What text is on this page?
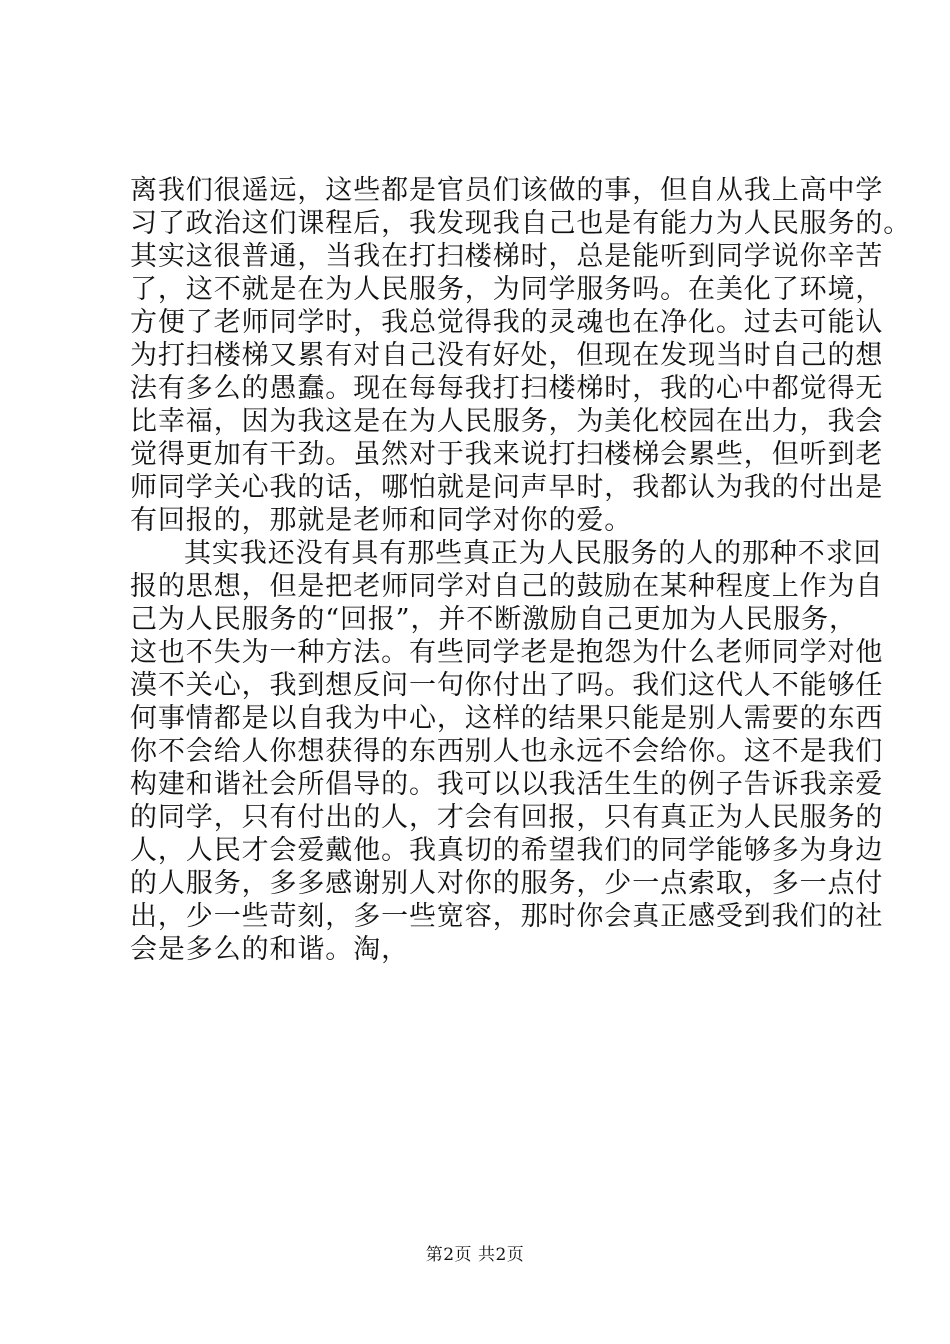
离我们很遥远，这些都是官员们该做的事，但自从我上高中学
习了政治这们课程后，我发现我自己也是有能力为人民服务的。
其实这很普通，当我在打扫楼梯时，总是能听到同学说你辛苦
了，这不就是在为人民服务，为同学服务吗。在美化了环境，
方便了老师同学时，我总觉得我的灵魂也在净化。过去可能认
为打扫楼梯又累有对自己没有好处，但现在发现当时自己的想
法有多么的愚蠢。现在每每我打扫楼梯时，我的心中都觉得无
比幸福，因为我这是在为人民服务，为美化校园在出力，我会
觉得更加有干劲。虽然对于我来说打扫楼梯会累些，但听到老
师同学关心我的话，哪怕就是问声早时，我都认为我的付出是
有回报的，那就是老师和同学对你的爱。
其实我还没有具有那些真正为人民服务的人的那种不求回
报的思想，但是把老师同学对自己的鼓励在某种程度上作为自
己为人民服务的“回报”，并不断激励自己更加为人民服务，
这也不失为一种方法。有些同学老是抱怨为什么老师同学对他
漠不关心，我到想反问一句你付出了吗。我们这代人不能够任
何事情都是以自我为中心，这样的结果只能是别人需要的东西
你不会给人你想获得的东西别人也永远不会给你。这不是我们
构建和谐社会所倡导的。我可以以我活生生的例子告诉我亲爱
的同学，只有付出的人，才会有回报，只有真正为人民服务的
人，人民才会爱戴他。我真切的希望我们的同学能够多为身边
的人服务，多多感谢别人对你的服务，少一点索取，多一点付
出，少一些苛刻，多一些宽容，那时你会真正感受到我们的社
会是多么的和谐。淘，
第2页 共2页
